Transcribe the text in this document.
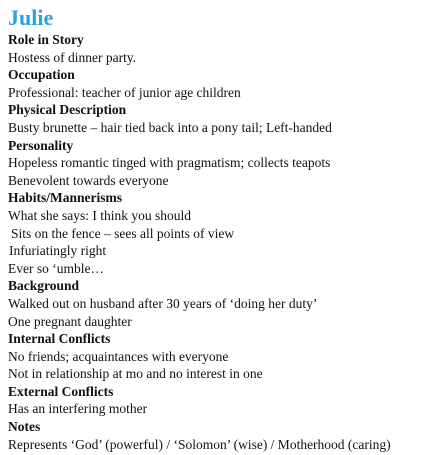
Julie
Role in Story
Hostess of dinner party.
Occupation
Professional: teacher of junior age children
Physical Description
Busty brunette – hair tied back into a pony tail; Left-handed
Personality
Hopeless romantic tinged with pragmatism; collects teapots
Benevolent towards everyone
Habits/Mannerisms
What she says: I think you should
Sits on the fence – sees all points of view
Infuriatingly right
Ever so ‘umble…
Background
Walked out on husband after 30 years of ‘doing her duty’
One pregnant daughter
Internal Conflicts
No friends; acquaintances with everyone
Not in relationship at mo and no interest in one
External Conflicts
Has an interfering mother
Notes
Represents ‘God’ (powerful) / ‘Solomon’ (wise) / Motherhood (caring)
